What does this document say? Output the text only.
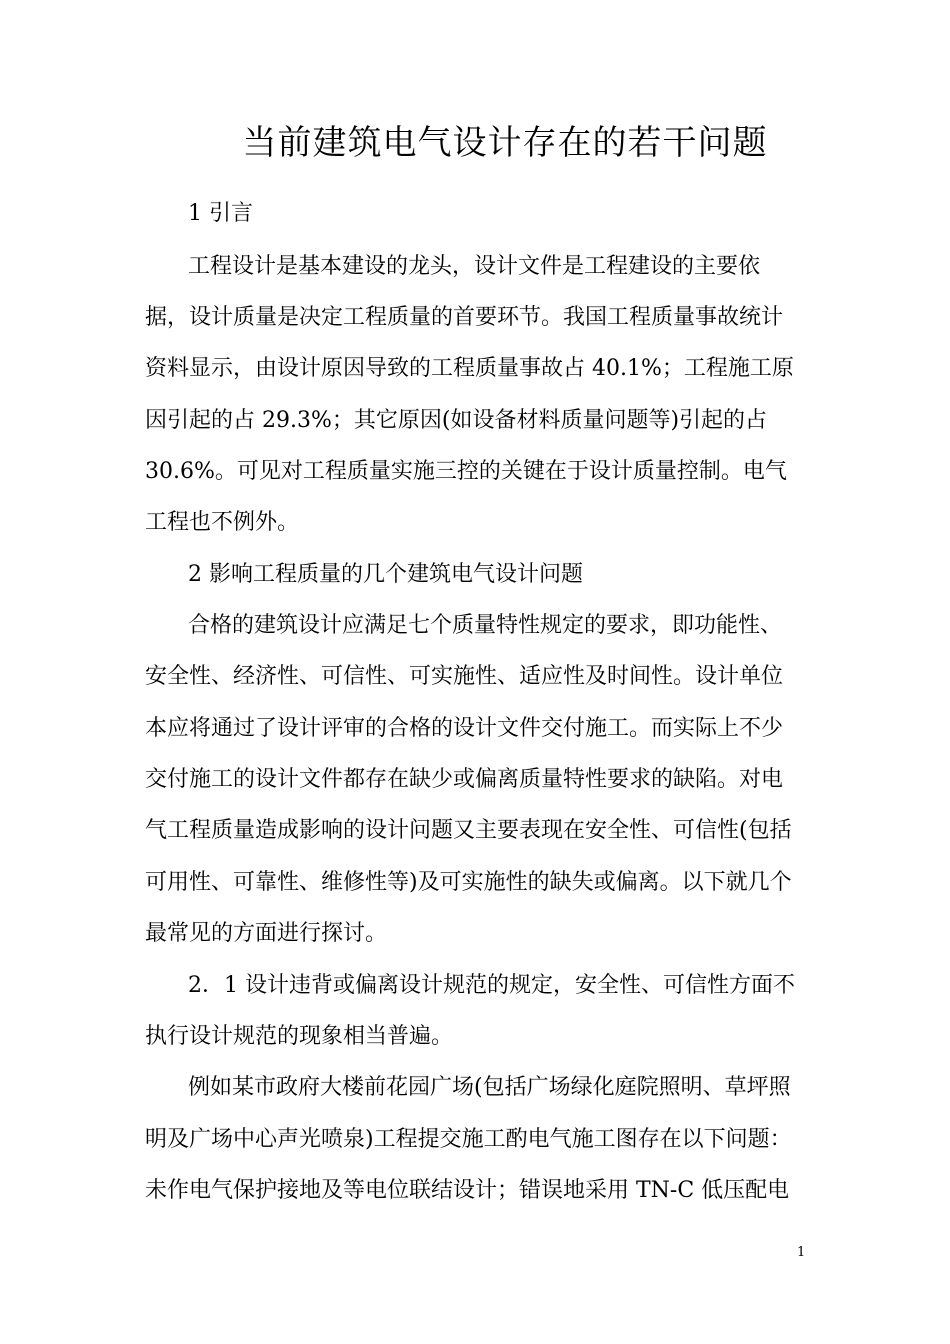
当前建筑电气设计存在的若干问题
1 引言
工程设计是基本建设的龙头，设计文件是工程建设的主要依
据，设计质量是决定工程质量的首要环节。我国工程质量事故统计
资料显示，由设计原因导致的工程质量事故占 40.1%；工程施工原
因引起的占 29.3%；其它原因(如设备材料质量问题等)引起的占
30.6%。可见对工程质量实施三控的关键在于设计质量控制。电气
工程也不例外。
2 影响工程质量的几个建筑电气设计问题
合格的建筑设计应满足七个质量特性规定的要求，即功能性、
安全性、经济性、可信性、可实施性、适应性及时间性。设计单位
本应将通过了设计评审的合格的设计文件交付施工。而实际上不少
交付施工的设计文件都存在缺少或偏离质量特性要求的缺陷。对电
气工程质量造成影响的设计问题又主要表现在安全性、可信性(包括
可用性、可靠性、维修性等)及可实施性的缺失或偏离。以下就几个
最常见的方面进行探讨。
2．1 设计违背或偏离设计规范的规定，安全性、可信性方面不
执行设计规范的现象相当普遍。
例如某市政府大楼前花园广场(包括广场绿化庭院照明、草坪照
明及广场中心声光喷泉)工程提交施工酌电气施工图存在以下问题：
未作电气保护接地及等电位联结设计；错误地采用 TN-C 低压配电
1
